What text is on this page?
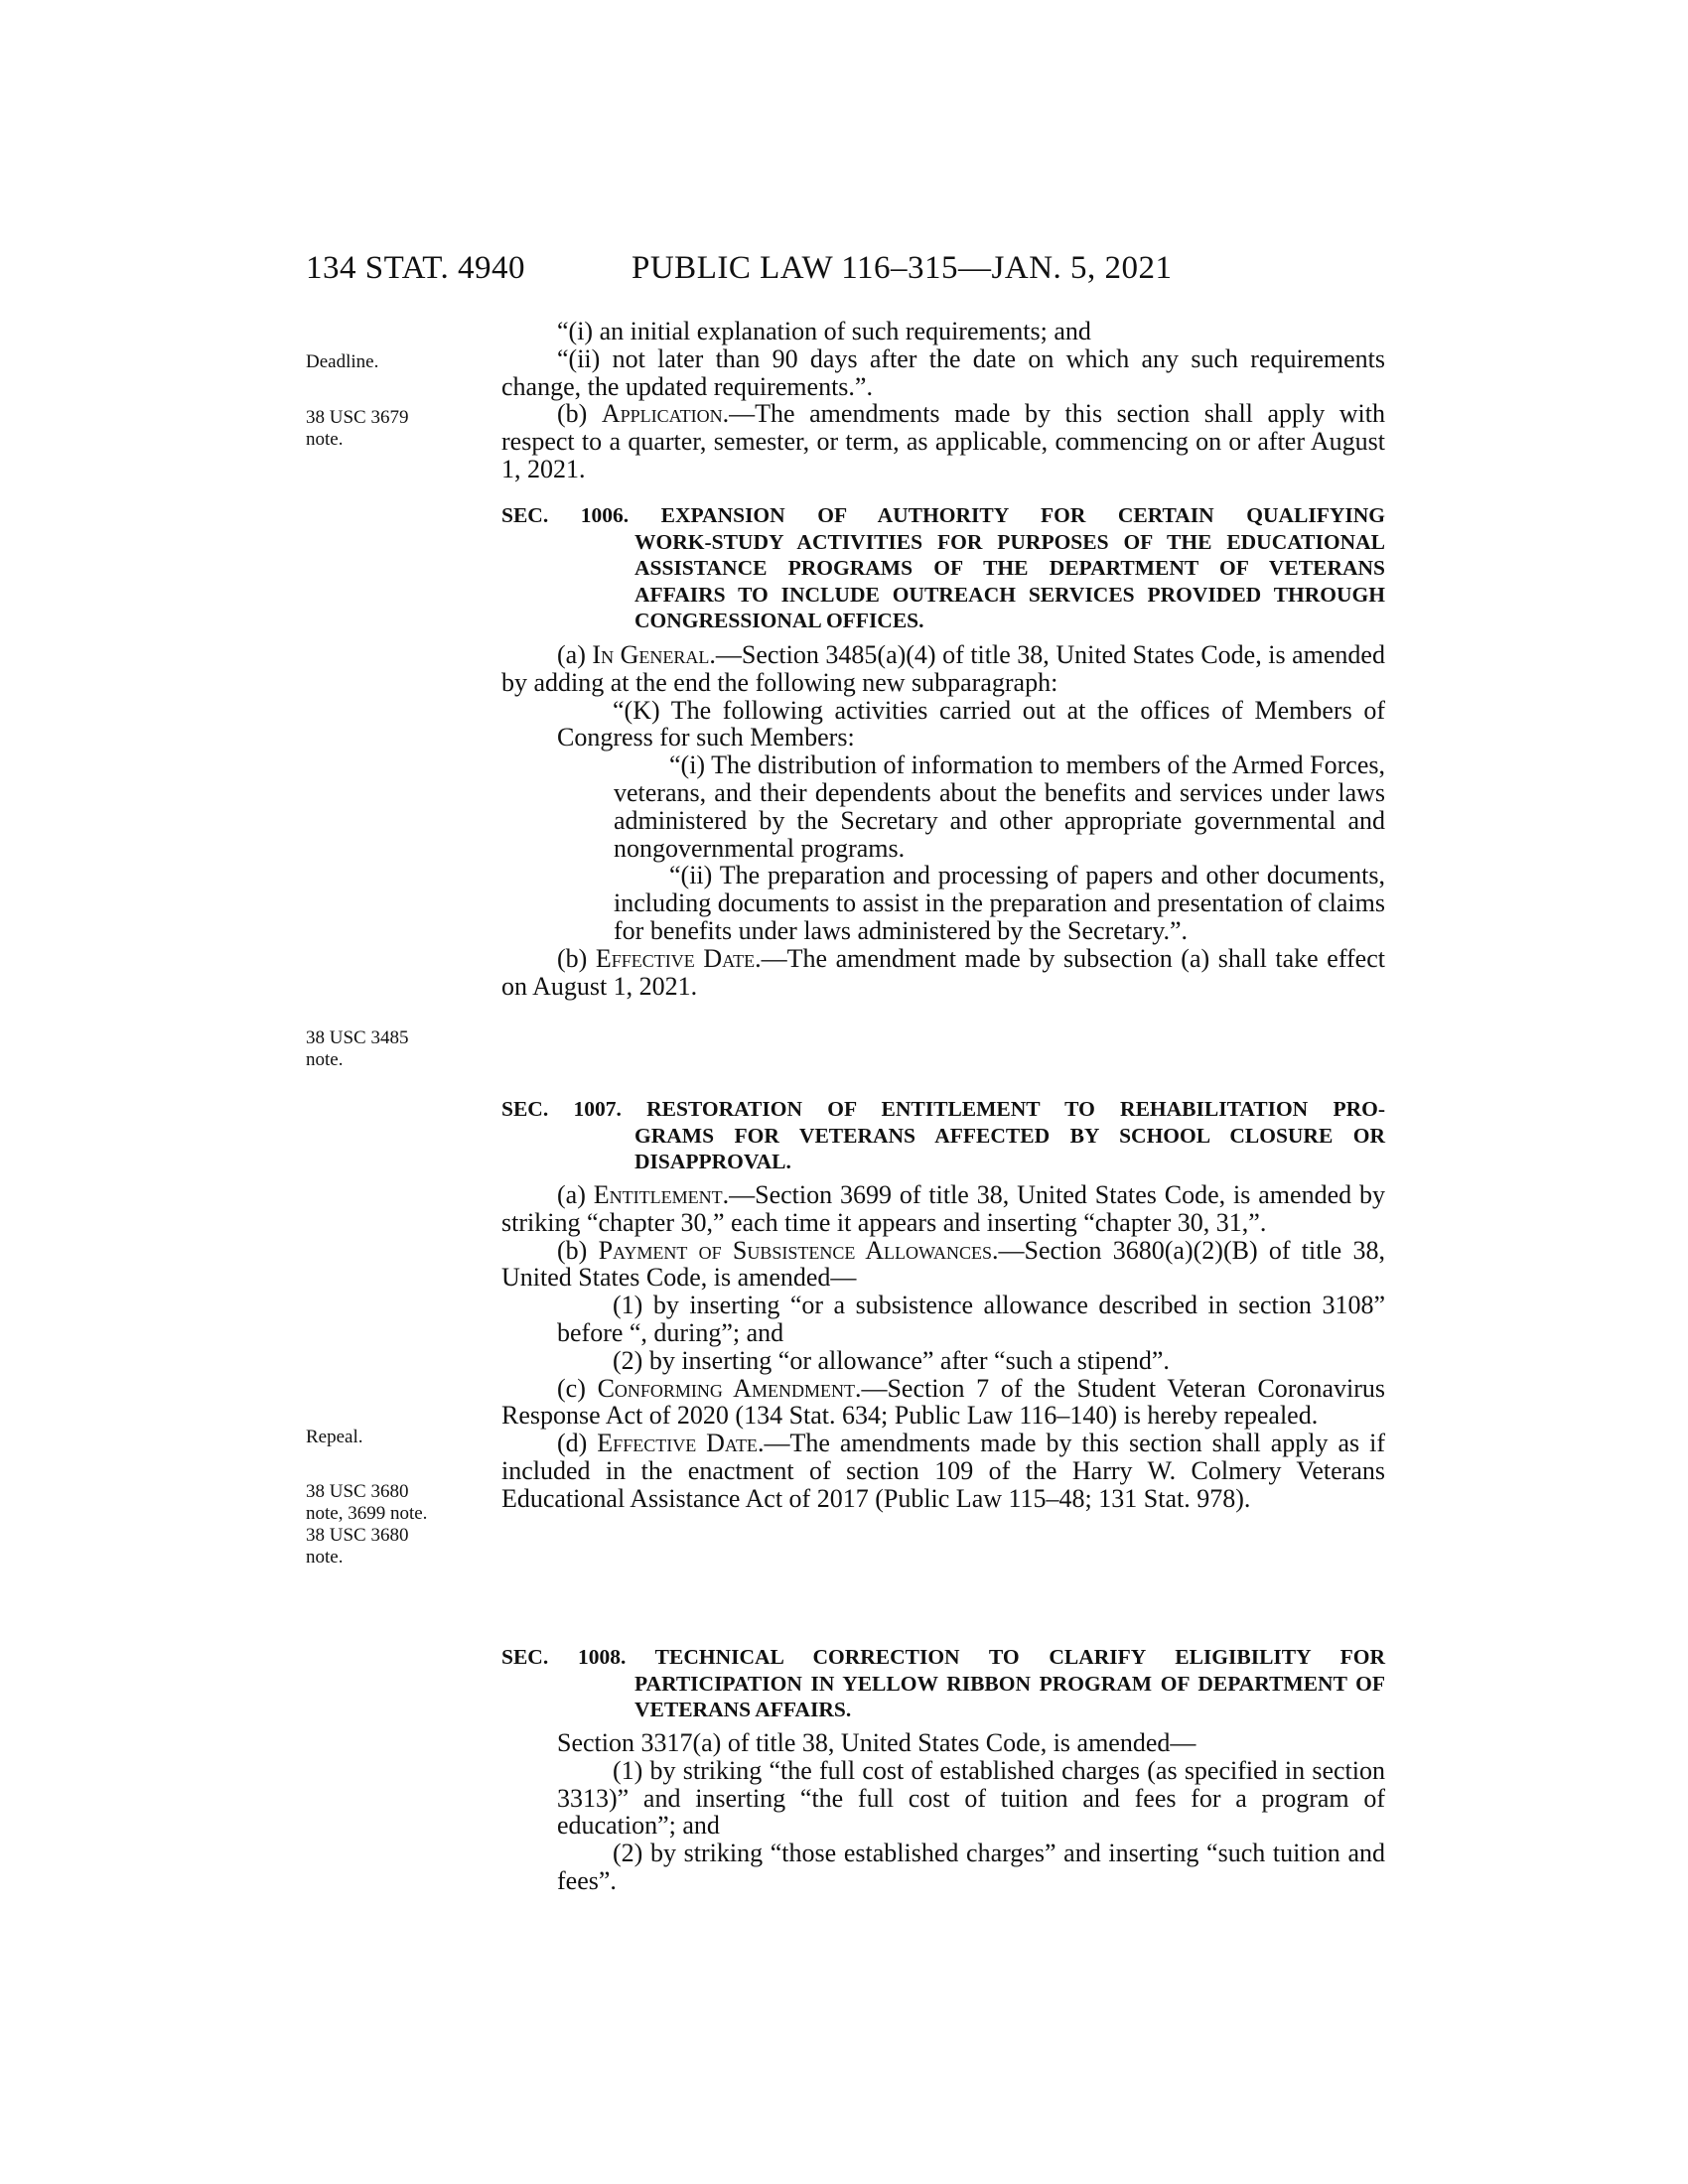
134 STAT. 4940	PUBLIC LAW 116–315—JAN. 5, 2021
Deadline.
38 USC 3679
note.
38 USC 3485
note.
Repeal.
38 USC 3680
note, 3699 note.
38 USC 3680
note.

“(i) an initial explanation of such requirements; and

“(ii) not later than 90 days after the date on which any such requirements change, the updated requirements.”.

(b) Application.—The amendments made by this section shall apply with respect to a quarter, semester, or term, as applicable, commencing on or after August 1, 2021.

SEC. 1006. EXPANSION OF AUTHORITY FOR CERTAIN QUALIFYING
WORK-STUDY ACTIVITIES FOR PURPOSES OF THE EDUCATIONAL ASSISTANCE PROGRAMS OF THE DEPARTMENT OF VETERANS AFFAIRS TO INCLUDE OUTREACH SERVICES PROVIDED THROUGH CONGRESSIONAL OFFICES.

(a) In General.—Section 3485(a)(4) of title 38, United States Code, is amended by adding at the end the following new subparagraph:

“(K) The following activities carried out at the offices of Members of Congress for such Members:

“(i) The distribution of information to members of the Armed Forces, veterans, and their dependents about the benefits and services under laws administered by the Secretary and other appropriate governmental and nongovernmental programs.

“(ii) The preparation and processing of papers and other documents, including documents to assist in the preparation and presentation of claims for benefits under laws administered by the Secretary.”.

(b) Effective Date.—The amendment made by subsection (a) shall take effect on August 1, 2021.

SEC. 1007. RESTORATION OF ENTITLEMENT TO REHABILITATION PRO-
GRAMS FOR VETERANS AFFECTED BY SCHOOL CLOSURE OR DISAPPROVAL.

(a) Entitlement.—Section 3699 of title 38, United States Code, is amended by striking “chapter 30,” each time it appears and inserting “chapter 30, 31,”.

(b) Payment of Subsistence Allowances.—Section 3680(a)(2)(B) of title 38, United States Code, is amended—

(1) by inserting “or a subsistence allowance described in section 3108” before “, during”; and

(2) by inserting “or allowance” after “such a stipend”.

(c) Conforming Amendment.—Section 7 of the Student Veteran Coronavirus Response Act of 2020 (134 Stat. 634; Public Law 116–140) is hereby repealed.

(d) Effective Date.—The amendments made by this section shall apply as if included in the enactment of section 109 of the Harry W. Colmery Veterans Educational Assistance Act of 2017 (Public Law 115–48; 131 Stat. 978).

SEC. 1008. TECHNICAL CORRECTION TO CLARIFY ELIGIBILITY FOR
PARTICIPATION IN YELLOW RIBBON PROGRAM OF DEPARTMENT OF VETERANS AFFAIRS.

Section 3317(a) of title 38, United States Code, is amended—

(1) by striking “the full cost of established charges (as specified in section 3313)” and inserting “the full cost of tuition and fees for a program of education”; and

(2) by striking “those established charges” and inserting “such tuition and fees”.
